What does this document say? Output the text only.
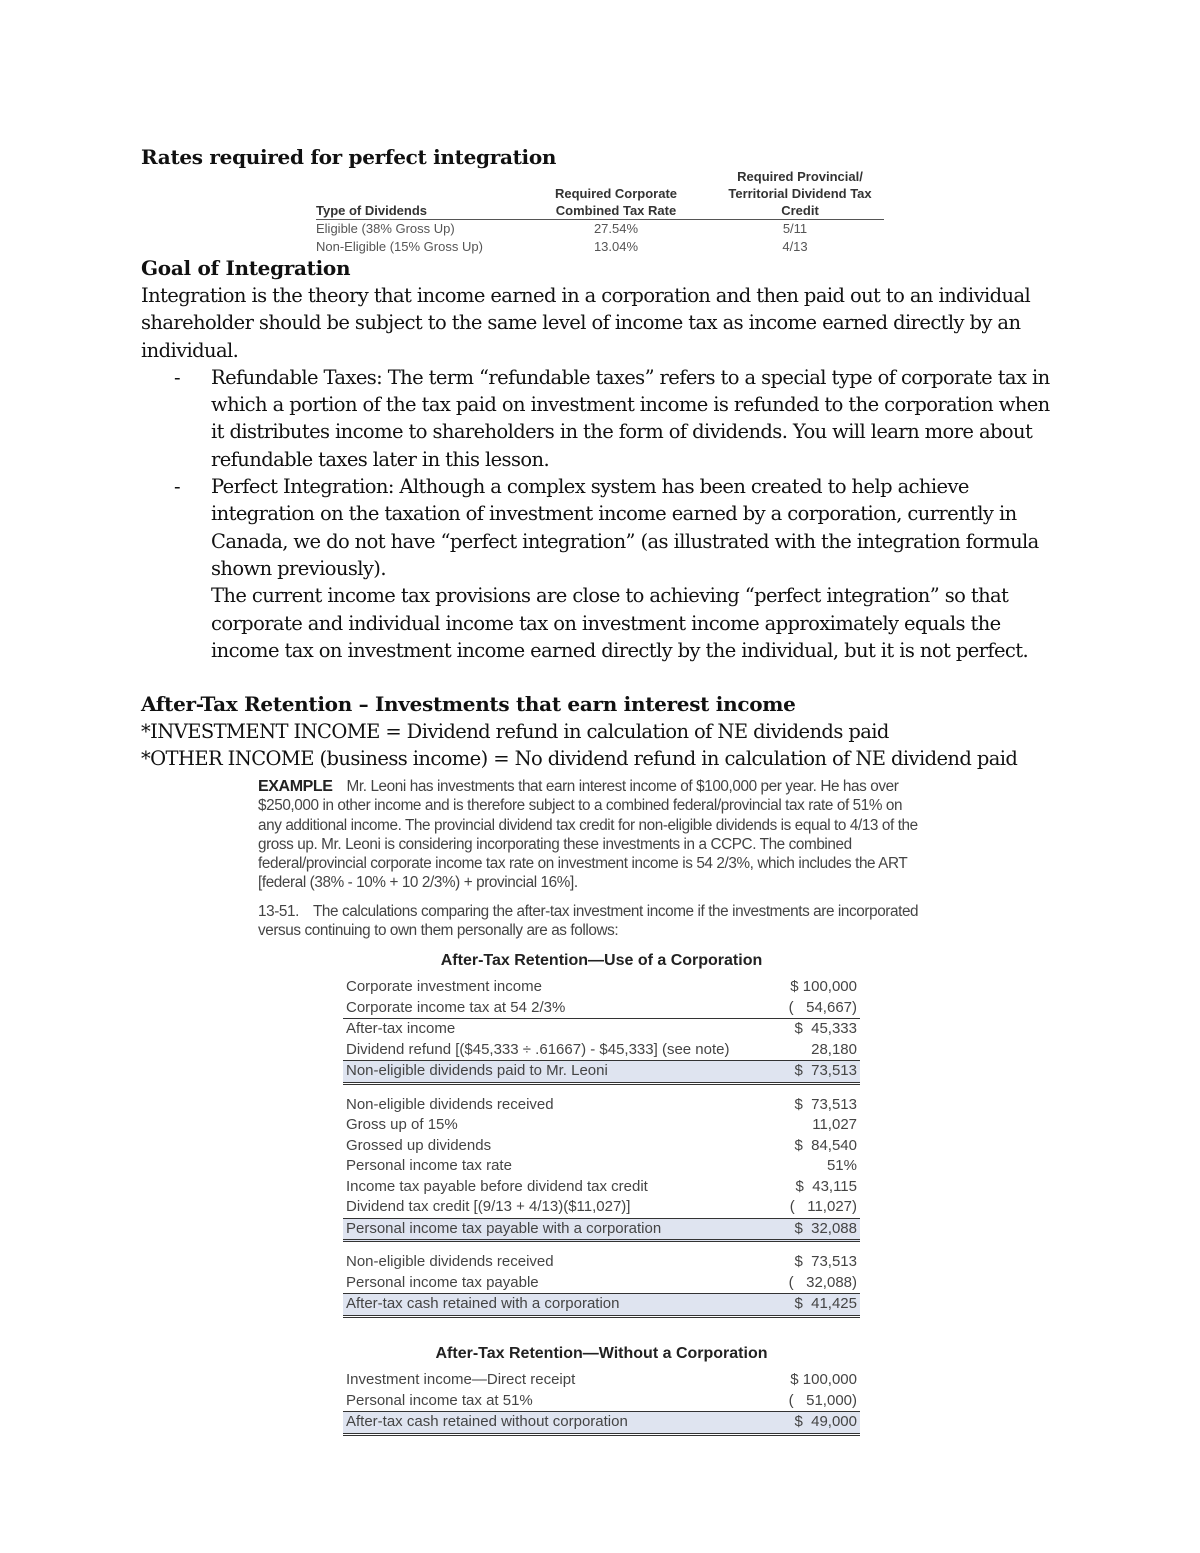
Rates required for perfect integration
Type of Dividends	Required Corporate Combined Tax Rate	Required Provincial/ Territorial Dividend Tax Credit
Eligible (38% Gross Up)	27.54%	5/11
Non-Eligible (15% Gross Up)	13.04%	4/13
Goal of Integration
Integration is the theory that income earned in a corporation and then paid out to an individual shareholder should be subject to the same level of income tax as income earned directly by an individual.
- Refundable Taxes: The term “refundable taxes” refers to a special type of corporate tax in which a portion of the tax paid on investment income is refunded to the corporation when it distributes income to shareholders in the form of dividends. You will learn more about refundable taxes later in this lesson.
- Perfect Integration: Although a complex system has been created to help achieve integration on the taxation of investment income earned by a corporation, currently in Canada, we do not have “perfect integration” (as illustrated with the integration formula shown previously).
The current income tax provisions are close to achieving “perfect integration” so that corporate and individual income tax on investment income approximately equals the income tax on investment income earned directly by the individual, but it is not perfect.
After-Tax Retention – Investments that earn interest income
*INVESTMENT INCOME = Dividend refund in calculation of NE dividends paid
*OTHER INCOME (business income) = No dividend refund in calculation of NE dividend paid
EXAMPLE Mr. Leoni has investments that earn interest income of $100,000 per year. He has over $250,000 in other income and is therefore subject to a combined federal/provincial tax rate of 51% on any additional income. The provincial dividend tax credit for non-eligible dividends is equal to 4/13 of the gross up. Mr. Leoni is considering incorporating these investments in a CCPC. The combined federal/provincial corporate income tax rate on investment income is 54 2/3%, which includes the ART [federal (38% - 10% + 10 2/3%) + provincial 16%].
13-51. The calculations comparing the after-tax investment income if the investments are incorporated versus continuing to own them personally are as follows:
After-Tax Retention—Use of a Corporation
Corporate investment income	$ 100,000
Corporate income tax at 54 2/3%	(   54,667)
After-tax income	$  45,333
Dividend refund [($45,333 ÷ .61667) - $45,333] (see note)	28,180
Non-eligible dividends paid to Mr. Leoni	$  73,513

Non-eligible dividends received	$  73,513
Gross up of 15%	11,027
Grossed up dividends	$  84,540
Personal income tax rate	51%
Income tax payable before dividend tax credit	$  43,115
Dividend tax credit [(9/13 + 4/13)($11,027)]	(   11,027)
Personal income tax payable with a corporation	$  32,088

Non-eligible dividends received	$  73,513
Personal income tax payable	(   32,088)
After-tax cash retained with a corporation	$  41,425
After-Tax Retention—Without a Corporation
Investment income—Direct receipt	$ 100,000
Personal income tax at 51%	(   51,000)
After-tax cash retained without corporation	$  49,000
